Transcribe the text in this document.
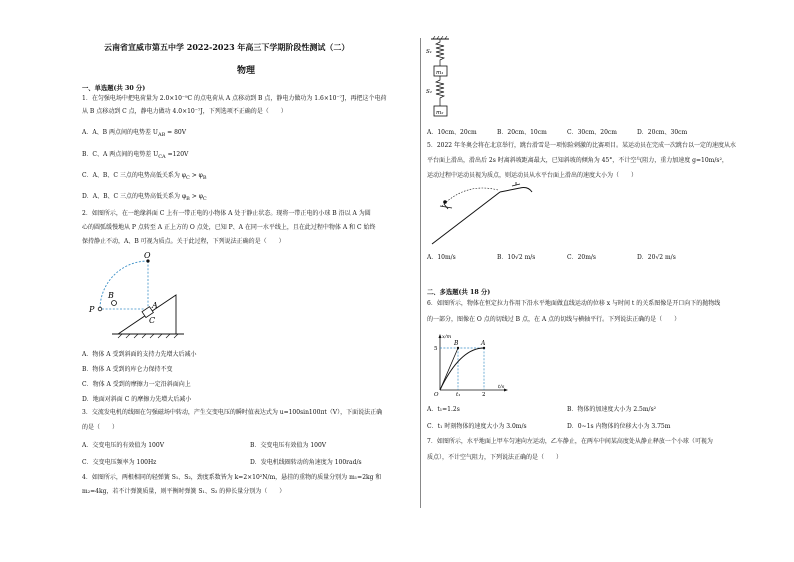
云南省宣威市第五中学 2022-2023 年高三下学期阶段性测试（二）
物理
一、单选题(共 30 分)
1．在匀强电场中把电荷量为 2.0×10⁻⁹C 的点电荷从 A 点移动到 B 点，静电力做功为 1.6×10⁻⁷J，再把这个电荷
从 B 点移动到 C 点，静电力做功 4.0×10⁻⁷J，下列选项不正确的是（　　）
A．A、B 两点间的电势差 $U_{AB} = 80V$
B．C、A 两点间的电势差 $U_{CA} =120V$
C．A、B、C 三点的电势高低关系为 $\varphi_C > \varphi_B$
D．A、B、C 三点的电势高低关系为 $\varphi_B > \varphi_C$
2．如图所示，在一绝缘斜面 C 上有一带正电的小物体 A 处于静止状态。现将一带正电的小球 B 沿以 A 为圆
心的圆弧缓慢地从 P 点转至 A 正上方的 O 点处，已知 P、A 在同一水平线上，且在此过程中物体 A 和 C 始终
保持静止不动，A、B 可视为质点。关于此过程，下列说法正确的是（　　）
O
B
P	A
C
A．物体 A 受到斜面的支持力先增大后减小
B．物体 A 受到的库仑力保持不变
C．物体 A 受到的摩擦力一定沿斜面向上
D．地面对斜面 C 的摩擦力先增大后减小
3．交流发电机的线圈在匀强磁场中转动，产生交变电压的瞬时值表达式为 u=100sin100πt（V），下面说法正确
的是（　　）
A．交变电压的有效值为 100V	B．交变电压有效值为 100V
C．交变电压频率为 100Hz	D．发电机线圈转动的角速度为 100rad/s
4．如图所示，两根相同的轻弹簧 S₁、S₂，劲度系数皆为 k=2×10²N/m，悬挂的重物的质量分别为 m₁=2kg 和
m₂=4kg，若不计弹簧质量，则平衡时弹簧 S₁、S₂ 的伸长量分别为（　　）
S₁
m₁
S₂
m₂
A．10cm、20cm	B．20cm、10cm	C．30cm、20cm	D．20cm、30cm
5．2022 年冬奥会将在北京举行，跳台滑雪是一项惊险刺激的比赛项目。某运动员在完成一次跳台以一定的速度从水
平台面上滑出，滑出后 2s 时离斜坡距离最大，已知斜坡的倾角为 45°，不计空气阻力，重力加速度 g=10m/s²，
运动过程中运动员视为质点，则运动员从水平台面上滑出的速度大小为（　　）
A．10m/s	B．10√2 m/s	C．20m/s	D．20√2 m/s
二、多选题(共 18 分)
6．如图所示，物体在恒定拉力作用下沿水平地面做直线运动的位移 x 与时间 t 的关系图像是开口向下的抛物线
的一部分，图像在 O 点的切线过 B 点，在 A 点的切线与横轴平行。下列说法正确的是（　　）
x/m
t/s
5
t₁	2
O
B	A
A．t₁=1.2s	B．物体的加速度大小为 2.5m/s²
C．t₁ 时刻物体的速度大小为 3.0m/s	D．0~1s 内物体的位移大小为 3.75m
7．如图所示，水平地面上甲车匀速向左运动，乙车静止，在两车中间某高度处从静止释放一个小球（可视为
质点），不计空气阻力，下列说法正确的是（　　）
